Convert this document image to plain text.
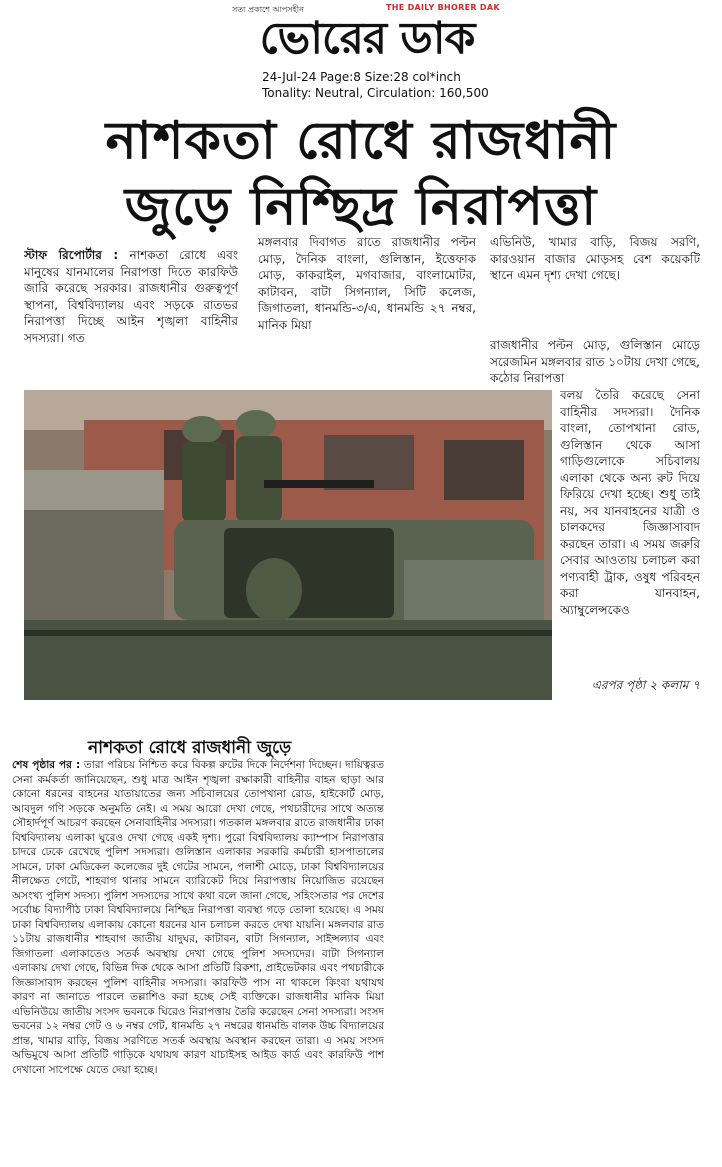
সত্য প্রকাশে আপসহীন	THE DAILY BHORER DAK
ভোরের ডাক
24-Jul-24 Page:8 Size:28 col*inch
Tonality: Neutral, Circulation: 160,500
নাশকতা রোধে রাজধানী
জুড়ে নিশ্ছিদ্র নিরাপত্তা
স্টাফ রিপোর্টার : নাশকতা রোধে এবং মানুষের যানমালের নিরাপত্তা দিতে কারফিউ জারি করেছে সরকার। রাজধানীর গুরুত্বপূর্ণ স্থাপনা, বিশ্ববিদ্যালয় এবং সড়কে রাতভর নিরাপত্তা দিচ্ছে আইন শৃঙ্খলা বাহিনীর সদস্যরা। গত
মঙ্গলবার দিবাগত রাতে রাজধানীর পল্টন মোড়, দৈনিক বাংলা, গুলিস্তান, ইত্তেফাক মোড়, কাকরাইল, মগবাজার, বাংলামোটর, কাটাবন, বাটা সিগন্যাল, সিটি কলেজ, জিগাতলা, ধানমন্ডি-৩/এ, ধানমন্ডি ২৭ নম্বর, মানিক মিয়া
এভিনিউ, খামার বাড়ি, বিজয় সরণি, কারওয়ান বাজার মোড়সহ বেশ কয়েকটি স্থানে এমন দৃশ্য দেখা গেছে।
রাজধানীর পল্টন মোড়, গুলিস্তান মোড়ে সরেজমিন মঙ্গলবার রাত ১০টায় দেখা গেছে, কঠোর নিরাপত্তা
বলয় তৈরি করেছে সেনা বাহিনীর সদস্যরা। দৈনিক বাংলা, তোপখানা রোড, গুলিস্তান থেকে আসা গাড়িগুলোকে সচিবালয় এলাকা থেকে অন্য রুট দিয়ে ফিরিয়ে দেখা হচ্ছে। শুধু তাই নয়, সব যানবাহনের যাত্রী ও চালকদের জিজ্ঞাসাবাদ করছেন তারা। এ সময় জরুরি সেবার আওতায় চলাচল করা পণ্যবাহী ট্রাক, ওষুধ পরিবহন করা যানবাহন, অ্যাম্বুলেন্সকেও
এরপর পৃষ্ঠা ২ কলাম ৭
নাশকতা রোধে রাজধানী জুড়ে
শেষ পৃষ্ঠার পর : তারা পরিচয় নিশ্চিত করে বিকল্প রুটের দিকে নির্দেশনা দিচ্ছেন। দায়িত্বরত সেনা কর্মকর্তা জানিয়েছেন, শুধু মাত্র আইন শৃঙ্খলা রক্ষাকারী বাহিনীর বাহন ছাড়া আর কোনো ধরনের বাহনের যাতায়াতের জন্য সচিবালয়ের তোপখানা রোড, হাইকোর্ট মোড়, আবদুল গণি সড়কে অনুমতি নেই। এ সময় আরো দেখা গেছে, পথচারীদের সাথে অত্যন্ত সৌহার্দপূর্ণ আচরণ করছেন সেনাবাহিনীর সদস্যরা। গতকাল মঙ্গলবার রাতে রাজধানীর ঢাকা বিশ্ববিদ্যালয় এলাকা ঘুরেও দেখা গেছে একই দৃশ্য। পুরো বিশ্ববিদ্যালয় ক্যাম্পাস নিরাপত্তার চাদরে ঢেকে রেখেছে পুলিশ সদস্যরা। গুলিস্তান এলাকার সরকারি কর্মচারী হাসপাতালের সামনে, ঢাকা মেডিকেল কলেজের দুই গেটের সামনে, পলাশী মোড়ে, ঢাকা বিশ্ববিদ্যালয়ের নীলক্ষেত গেটে, শাহবাগ থানার সামনে ব্যারিকেট দিয়ে নিরাপত্তায় নিয়োজিত রয়েছেন অসংখ্য পুলিশ সদস্য। পুলিশ সদস্যদের সাথে কথা বলে জানা গেছে, সহিংসতার পর দেশের সর্বোচ্চ বিদ্যাপীঠ ঢাকা বিশ্ববিদ্যালয়ে নিশ্ছিদ্র নিরাপত্তা ব্যবস্থা গড়ে তোলা হয়েছে। এ সময় ঢাকা বিশ্ববিদ্যালয় এলাকায় কোনো ধরনের যান চলাচল করতে দেখা যায়নি। মঙ্গলবার রাত ১১টায় রাজধানীর শাহবাগ জাতীয় যাদুঘর, কাটাবন, বাটা সিগন্যাল, সাইন্সল্যাব এবং জিগাতলা এলাকাতেও সতর্ক অবস্থায় দেখা গেছে পুলিশ সদস্যদের। বাটা সিগন্যাল এলাকায় দেখা গেছে, বিভিন্ন দিক থেকে আসা প্রতিটি রিকশা, প্রাইভেটকার এবং পথচারীকে জিজ্ঞাসাবাদ করছেন পুলিশ বাহিনীর সদস্যরা। কারফিউ পাস না থাকলে কিংবা যথাযথ কারণ না জানাতে পারলে তল্লাশিও করা হচ্ছে সেই ব্যক্তিকে। রাজধানীর মানিক মিয়া এভিনিউয়ে জাতীয় সংসদ ভবনকে ঘিরেও নিরাপত্তায় তৈরি করেছেন সেনা সদস্যরা। সংসদ ভবনের ১২ নম্বর গেট ও ৬ নম্বর গেট, ধানমন্ডি ২৭ নম্বরের ধানমন্ডি বালক উচ্চ বিদ্যালয়ের প্রান্ত, খামার বাড়ি, বিজয় সরণিতে সতর্ক অবস্থায় অবস্থান করছেন তারা। এ সময় সংসদ অভিমুখে আসা প্রতিটি গাড়িকে যথাযথ কারণ যাচাইসহ আইড কার্ড এবং কারফিউ পাশ দেখানো সাপেক্ষে যেতে দেয়া হচ্ছে।
